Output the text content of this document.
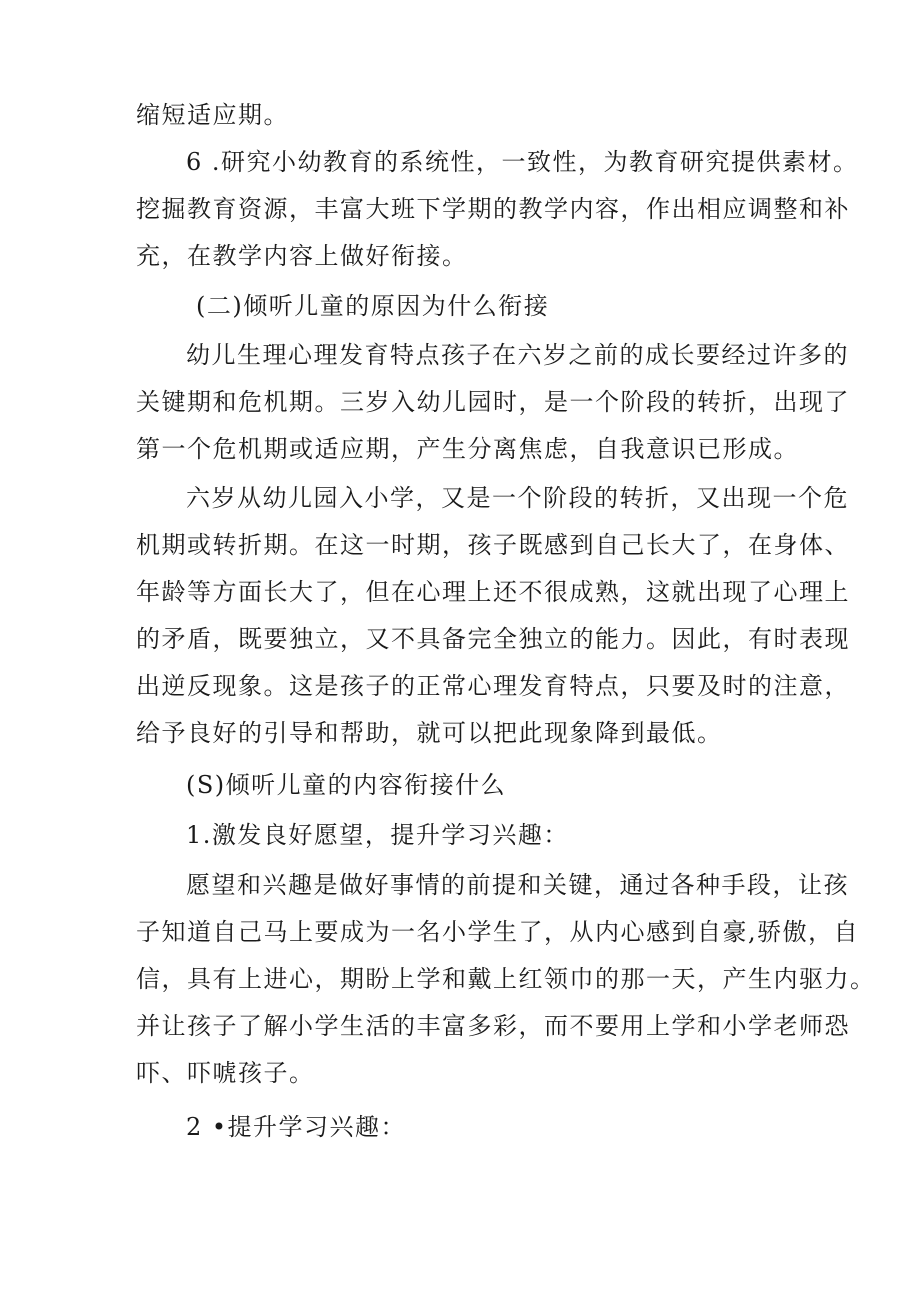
缩短适应期。
6 .研究小幼教育的系统性，一致性，为教育研究提供素材。
挖掘教育资源，丰富大班下学期的教学内容，作出相应调整和补
充，在教学内容上做好衔接。
(二)倾听儿童的原因为什么衔接
幼儿生理心理发育特点孩子在六岁之前的成长要经过许多的
关键期和危机期。三岁入幼儿园时，是一个阶段的转折，出现了
第一个危机期或适应期，产生分离焦虑，自我意识已形成。
六岁从幼儿园入小学，又是一个阶段的转折，又出现一个危
机期或转折期。在这一时期，孩子既感到自己长大了，在身体、
年龄等方面长大了，但在心理上还不很成熟，这就出现了心理上
的矛盾，既要独立，又不具备完全独立的能力。因此，有时表现
出逆反现象。这是孩子的正常心理发育特点，只要及时的注意，
给予良好的引导和帮助，就可以把此现象降到最低。
(S)倾听儿童的内容衔接什么
1.激发良好愿望，提升学习兴趣：
愿望和兴趣是做好事情的前提和关键，通过各种手段，让孩
子知道自己马上要成为一名小学生了，从内心感到自豪,骄傲，自
信，具有上进心，期盼上学和戴上红领巾的那一天，产生内驱力。
并让孩子了解小学生活的丰富多彩，而不要用上学和小学老师恐
吓、吓唬孩子。
2 •提升学习兴趣：
